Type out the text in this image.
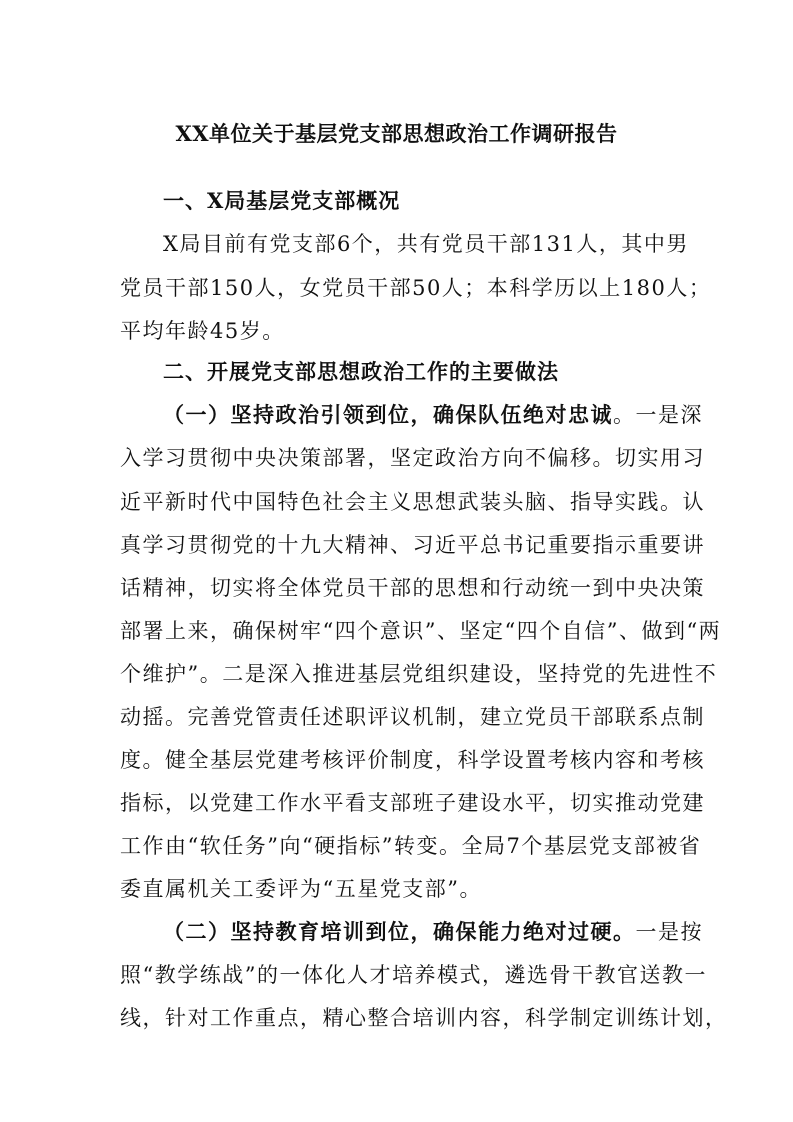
XX单位关于基层党支部思想政治工作调研报告
一、X局基层党支部概况
X局目前有党支部6个，共有党员干部131人，其中男
党员干部150人，女党员干部50人；本科学历以上180人；
平均年龄45岁。
二、开展党支部思想政治工作的主要做法
（一）坚持政治引领到位，确保队伍绝对忠诚。一是深
入学习贯彻中央决策部署，坚定政治方向不偏移。切实用习
近平新时代中国特色社会主义思想武装头脑、指导实践。认
真学习贯彻党的十九大精神、习近平总书记重要指示重要讲
话精神，切实将全体党员干部的思想和行动统一到中央决策
部署上来，确保树牢“四个意识”、坚定“四个自信”、做到“两
个维护”。二是深入推进基层党组织建设，坚持党的先进性不
动摇。完善党管责任述职评议机制，建立党员干部联系点制
度。健全基层党建考核评价制度，科学设置考核内容和考核
指标，以党建工作水平看支部班子建设水平，切实推动党建
工作由“软任务”向“硬指标”转变。全局7个基层党支部被省
委直属机关工委评为“五星党支部”。
（二）坚持教育培训到位，确保能力绝对过硬。一是按
照“教学练战”的一体化人才培养模式，遴选骨干教官送教一
线，针对工作重点，精心整合培训内容，科学制定训练计划，
